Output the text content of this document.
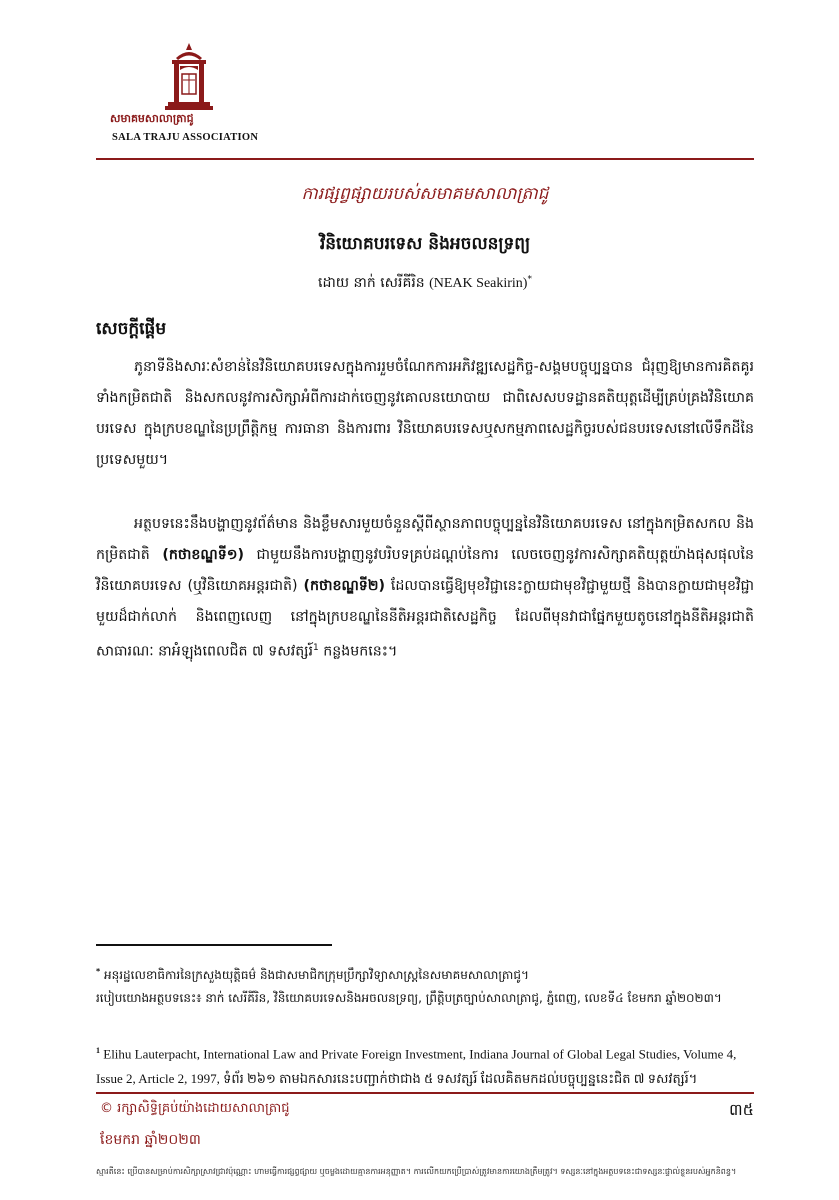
សមាគមសាលាត្រាជូ
SALA TRAJU ASSOCIATION
ការផ្សព្វផ្សាយរបស់សមាគមសាលាត្រាជូ
វិនិយោគបរទេស និងអចលនទ្រព្យ
ដោយ នាក់ សេរីគីរិន (NEAK Seakirin)*
សេចក្តីផ្តើម
ភូនាទីនិងសារៈសំខាន់នៃវិនិយោគបរទេសក្នុងការរួមចំណែកការអភិវឌ្ឍសេដ្ឋកិច្ច-សង្គមបច្ចុប្បន្នបាន ជំរុញឱ្យមានការគិតគូរទាំងកម្រិតជាតិ និងសកលនូវការសិក្សាអំពីការដាក់ចេញនូវគោលនយោបាយ ជាពិសេសបទដ្ឋានគតិយុត្តដើម្បីគ្រប់គ្រងវិនិយោគបរទេស ក្នុងក្របខណ្ឌនៃប្រព្រឹត្តិកម្ម ការធានា និងការពារ វិនិយោគបរទេសឬសកម្មភាពសេដ្ឋកិច្ចរបស់ជនបរទេសនៅលើទឹកដីនៃប្រទេសមួយ។
អត្ថបទនេះនឹងបង្ហាញនូវព័ត៌មាន និងខ្លឹមសារមួយចំនួនស្តីពីស្ថានភាពបច្ចុប្បន្ននៃវិនិយោគបរទេស នៅក្នុងកម្រិតសកល និងកម្រិតជាតិ (កថាខណ្ឌទី១) ជាមួយនឹងការបង្ហាញនូវបរិបទគ្រប់ដណ្តប់នៃការ លេចចេញនូវការសិក្សាគតិយុត្តយ៉ាងផុសផុលនៃវិនិយោគបរទេស (ឬវិនិយោគអន្តរជាតិ) (កថាខណ្ឌទី២) ដែលបានធ្វើឱ្យមុខវិជ្ជានេះក្លាយជាមុខវិជ្ជាមួយថ្មី និងបានក្លាយជាមុខវិជ្ជាមួយដ៏ជាក់លាក់ និងពេញលេញ នៅក្នុងក្របខណ្ឌនៃនីតិអន្តរជាតិសេដ្ឋកិច្ច ដែលពីមុនវាជាផ្នែកមួយតូចនៅក្នុងនីតិអន្តរជាតិសាធារណៈ នាអំឡុងពេលជិត ៧ ទសវត្សរ៍$^1$ កន្លងមកនេះ។
* អនុរដ្ឋលេខាធិការនៃក្រសួងយុត្តិធម៌ និងជាសមាជិកក្រុមប្រឹក្សាវិទ្យាសាស្ត្រនៃសមាគមសាលាត្រាជូ។
របៀបយោងអត្ថបទនេះ៖ នាក់ សេរីគីរិន, វិនិយោគបរទេសនិងអចលនទ្រព្យ, ព្រឹត្តិបត្រច្បាប់សាលាត្រាជូ, ភ្នំពេញ, លេខទី៤ ខែមករា ឆ្នាំ២០២៣។
$^1$ Elihu Lauterpacht, International Law and Private Foreign Investment, Indiana Journal of Global Legal Studies, Volume 4, Issue 2, Article 2, 1997, ទំព័រ ២៦១ តាមឯកសារនេះបញ្ជាក់ថាជាង ៥ ទសវត្សរ៍ ដែលគិតមកដល់បច្ចុប្បន្ននេះជិត ៧ ទសវត្សរ៍។
© រក្សាសិទ្ធិគ្រប់យ៉ាងដោយសាលាត្រាជូ	៣៥
ខែមករា ឆ្នាំ២០២៣
ស្មារតីនេះ ប្រើបានសម្រាប់ការសិក្សាស្រាវជ្រាវប៉ុណ្ណោះ ហាមធ្វើការផ្សព្វផ្សាយ ឬចម្លងដោយគ្មានការអនុញ្ញាត។ ការលើកយកប្រើប្រាស់ត្រូវមានការយោងត្រឹមត្រូវ។ ទស្សនៈនៅក្នុងអត្ថបទនេះជាទស្សនៈផ្ទាល់ខ្លួនរបស់អ្នកនិពន្ធ។
